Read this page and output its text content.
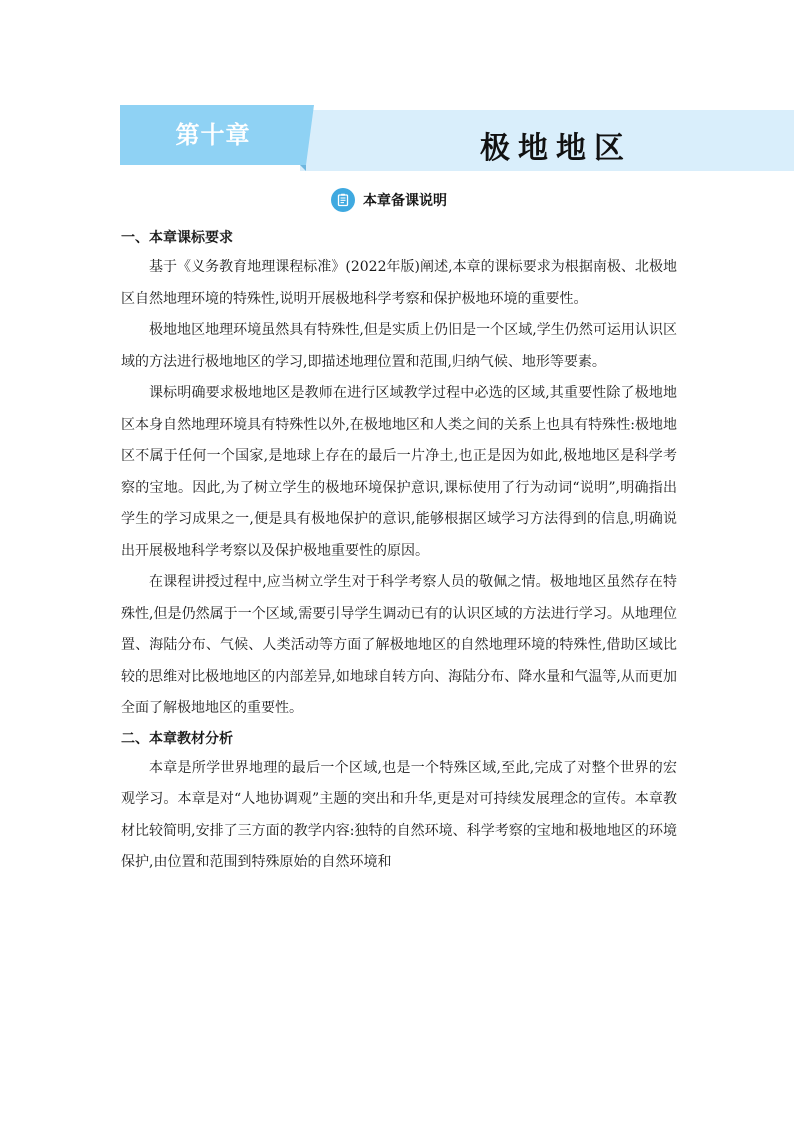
第十章	极地地区
本章备课说明
一、本章课标要求

基于《义务教育地理课程标准》(2022年版)阐述,本章的课标要求为根据南极、北极地区自然地理环境的特殊性,说明开展极地科学考察和保护极地环境的重要性。

极地地区地理环境虽然具有特殊性,但是实质上仍旧是一个区域,学生仍然可运用认识区域的方法进行极地地区的学习,即描述地理位置和范围,归纳气候、地形等要素。

课标明确要求极地地区是教师在进行区域教学过程中必选的区域,其重要性除了极地地区本身自然地理环境具有特殊性以外,在极地地区和人类之间的关系上也具有特殊性:极地地区不属于任何一个国家,是地球上存在的最后一片净土,也正是因为如此,极地地区是科学考察的宝地。因此,为了树立学生的极地环境保护意识,课标使用了行为动词“说明”,明确指出学生的学习成果之一,便是具有极地保护的意识,能够根据区域学习方法得到的信息,明确说出开展极地科学考察以及保护极地重要性的原因。

在课程讲授过程中,应当树立学生对于科学考察人员的敬佩之情。极地地区虽然存在特殊性,但是仍然属于一个区域,需要引导学生调动已有的认识区域的方法进行学习。从地理位置、海陆分布、气候、人类活动等方面了解极地地区的自然地理环境的特殊性,借助区域比较的思维对比极地地区的内部差异,如地球自转方向、海陆分布、降水量和气温等,从而更加全面了解极地地区的重要性。

二、本章教材分析

本章是所学世界地理的最后一个区域,也是一个特殊区域,至此,完成了对整个世界的宏观学习。本章是对“人地协调观”主题的突出和升华,更是对可持续发展理念的宣传。本章教材比较简明,安排了三方面的教学内容:独特的自然环境、科学考察的宝地和极地地区的环境保护,由位置和范围到特殊原始的自然环境和
